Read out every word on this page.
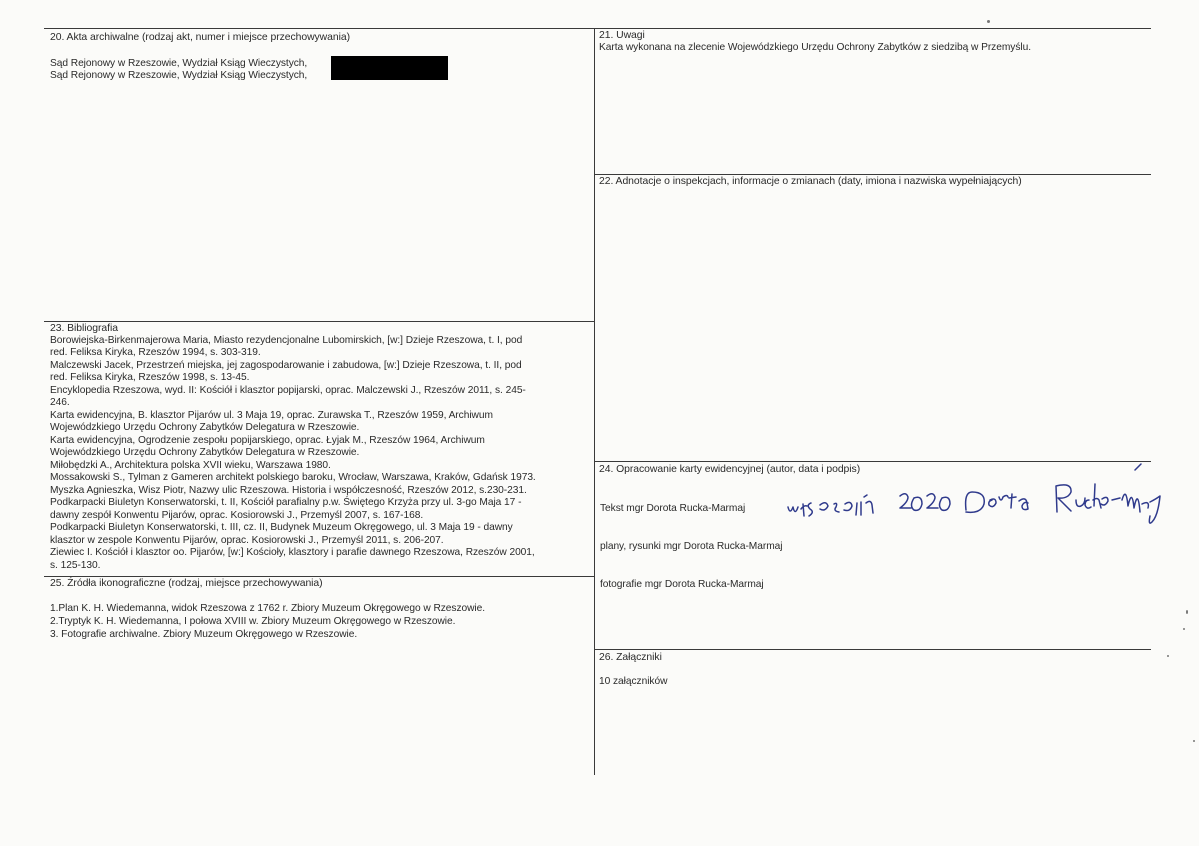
20. Akta archiwalne (rodzaj akt, numer i miejsce przechowywania)
Sąd Rejonowy w Rzeszowie, Wydział Ksiąg Wieczystych,
Sąd Rejonowy w Rzeszowie, Wydział Ksiąg Wieczystych,
23. Bibliografia
Borowiejska-Birkenmajerowa Maria, Miasto rezydencjonalne Lubomirskich, [w:] Dzieje Rzeszowa, t. I, pod
red. Feliksa Kiryka, Rzeszów 1994, s. 303-319.
Malczewski Jacek, Przestrzeń miejska, jej zagospodarowanie i zabudowa, [w:] Dzieje Rzeszowa, t. II, pod
red. Feliksa Kiryka, Rzeszów 1998, s. 13-45.
Encyklopedia Rzeszowa, wyd. II: Kościół i klasztor popijarski, oprac. Malczewski J., Rzeszów 2011, s. 245-
246.
Karta ewidencyjna, B. klasztor Pijarów ul. 3 Maja 19, oprac. Zurawska T., Rzeszów 1959, Archiwum
Wojewódzkiego Urzędu Ochrony Zabytków Delegatura w Rzeszowie.
Karta ewidencyjna, Ogrodzenie zespołu popijarskiego, oprac. Łyjak M., Rzeszów 1964, Archiwum
Wojewódzkiego Urzędu Ochrony Zabytków Delegatura w Rzeszowie.
Miłobędzki A., Architektura polska XVII wieku, Warszawa 1980.
Mossakowski S., Tylman z Gameren architekt polskiego baroku, Wrocław, Warszawa, Kraków, Gdańsk 1973.
Myszka Agnieszka, Wisz Piotr, Nazwy ulic Rzeszowa. Historia i współczesność, Rzeszów 2012, s.230-231.
Podkarpacki Biuletyn Konserwatorski, t. II, Kościół parafialny p.w. Świętego Krzyża przy ul. 3-go Maja 17 -
dawny zespół Konwentu Pijarów, oprac. Kosiorowski J., Przemyśl 2007, s. 167-168.
Podkarpacki Biuletyn Konserwatorski, t. III, cz. II, Budynek Muzeum Okręgowego, ul. 3 Maja 19 - dawny
klasztor w zespole Konwentu Pijarów, oprac. Kosiorowski J., Przemyśl 2011, s. 206-207.
Ziewiec I. Kościół i klasztor oo. Pijarów, [w:] Kościoły, klasztory i parafie dawnego Rzeszowa, Rzeszów 2001,
s. 125-130.
25. Źródła ikonograficzne (rodzaj, miejsce przechowywania)
1.Plan K. H. Wiedemanna, widok Rzeszowa z 1762 r. Zbiory Muzeum Okręgowego w Rzeszowie.
2.Tryptyk K. H. Wiedemanna, I połowa XVIII w. Zbiory Muzeum Okręgowego w Rzeszowie.
3. Fotografie archiwalne. Zbiory Muzeum Okręgowego w Rzeszowie.
21. Uwagi
Karta wykonana na zlecenie Wojewódzkiego Urzędu Ochrony Zabytków z siedzibą w Przemyślu.
22. Adnotacje o inspekcjach, informacje o zmianach (daty, imiona i nazwiska wypełniających)
24. Opracowanie karty ewidencyjnej (autor, data i podpis)
Tekst mgr Dorota Rucka-Marmaj
plany, rysunki mgr Dorota Rucka-Marmaj
fotografie mgr Dorota Rucka-Marmaj
26. Załączniki
10 załączników
